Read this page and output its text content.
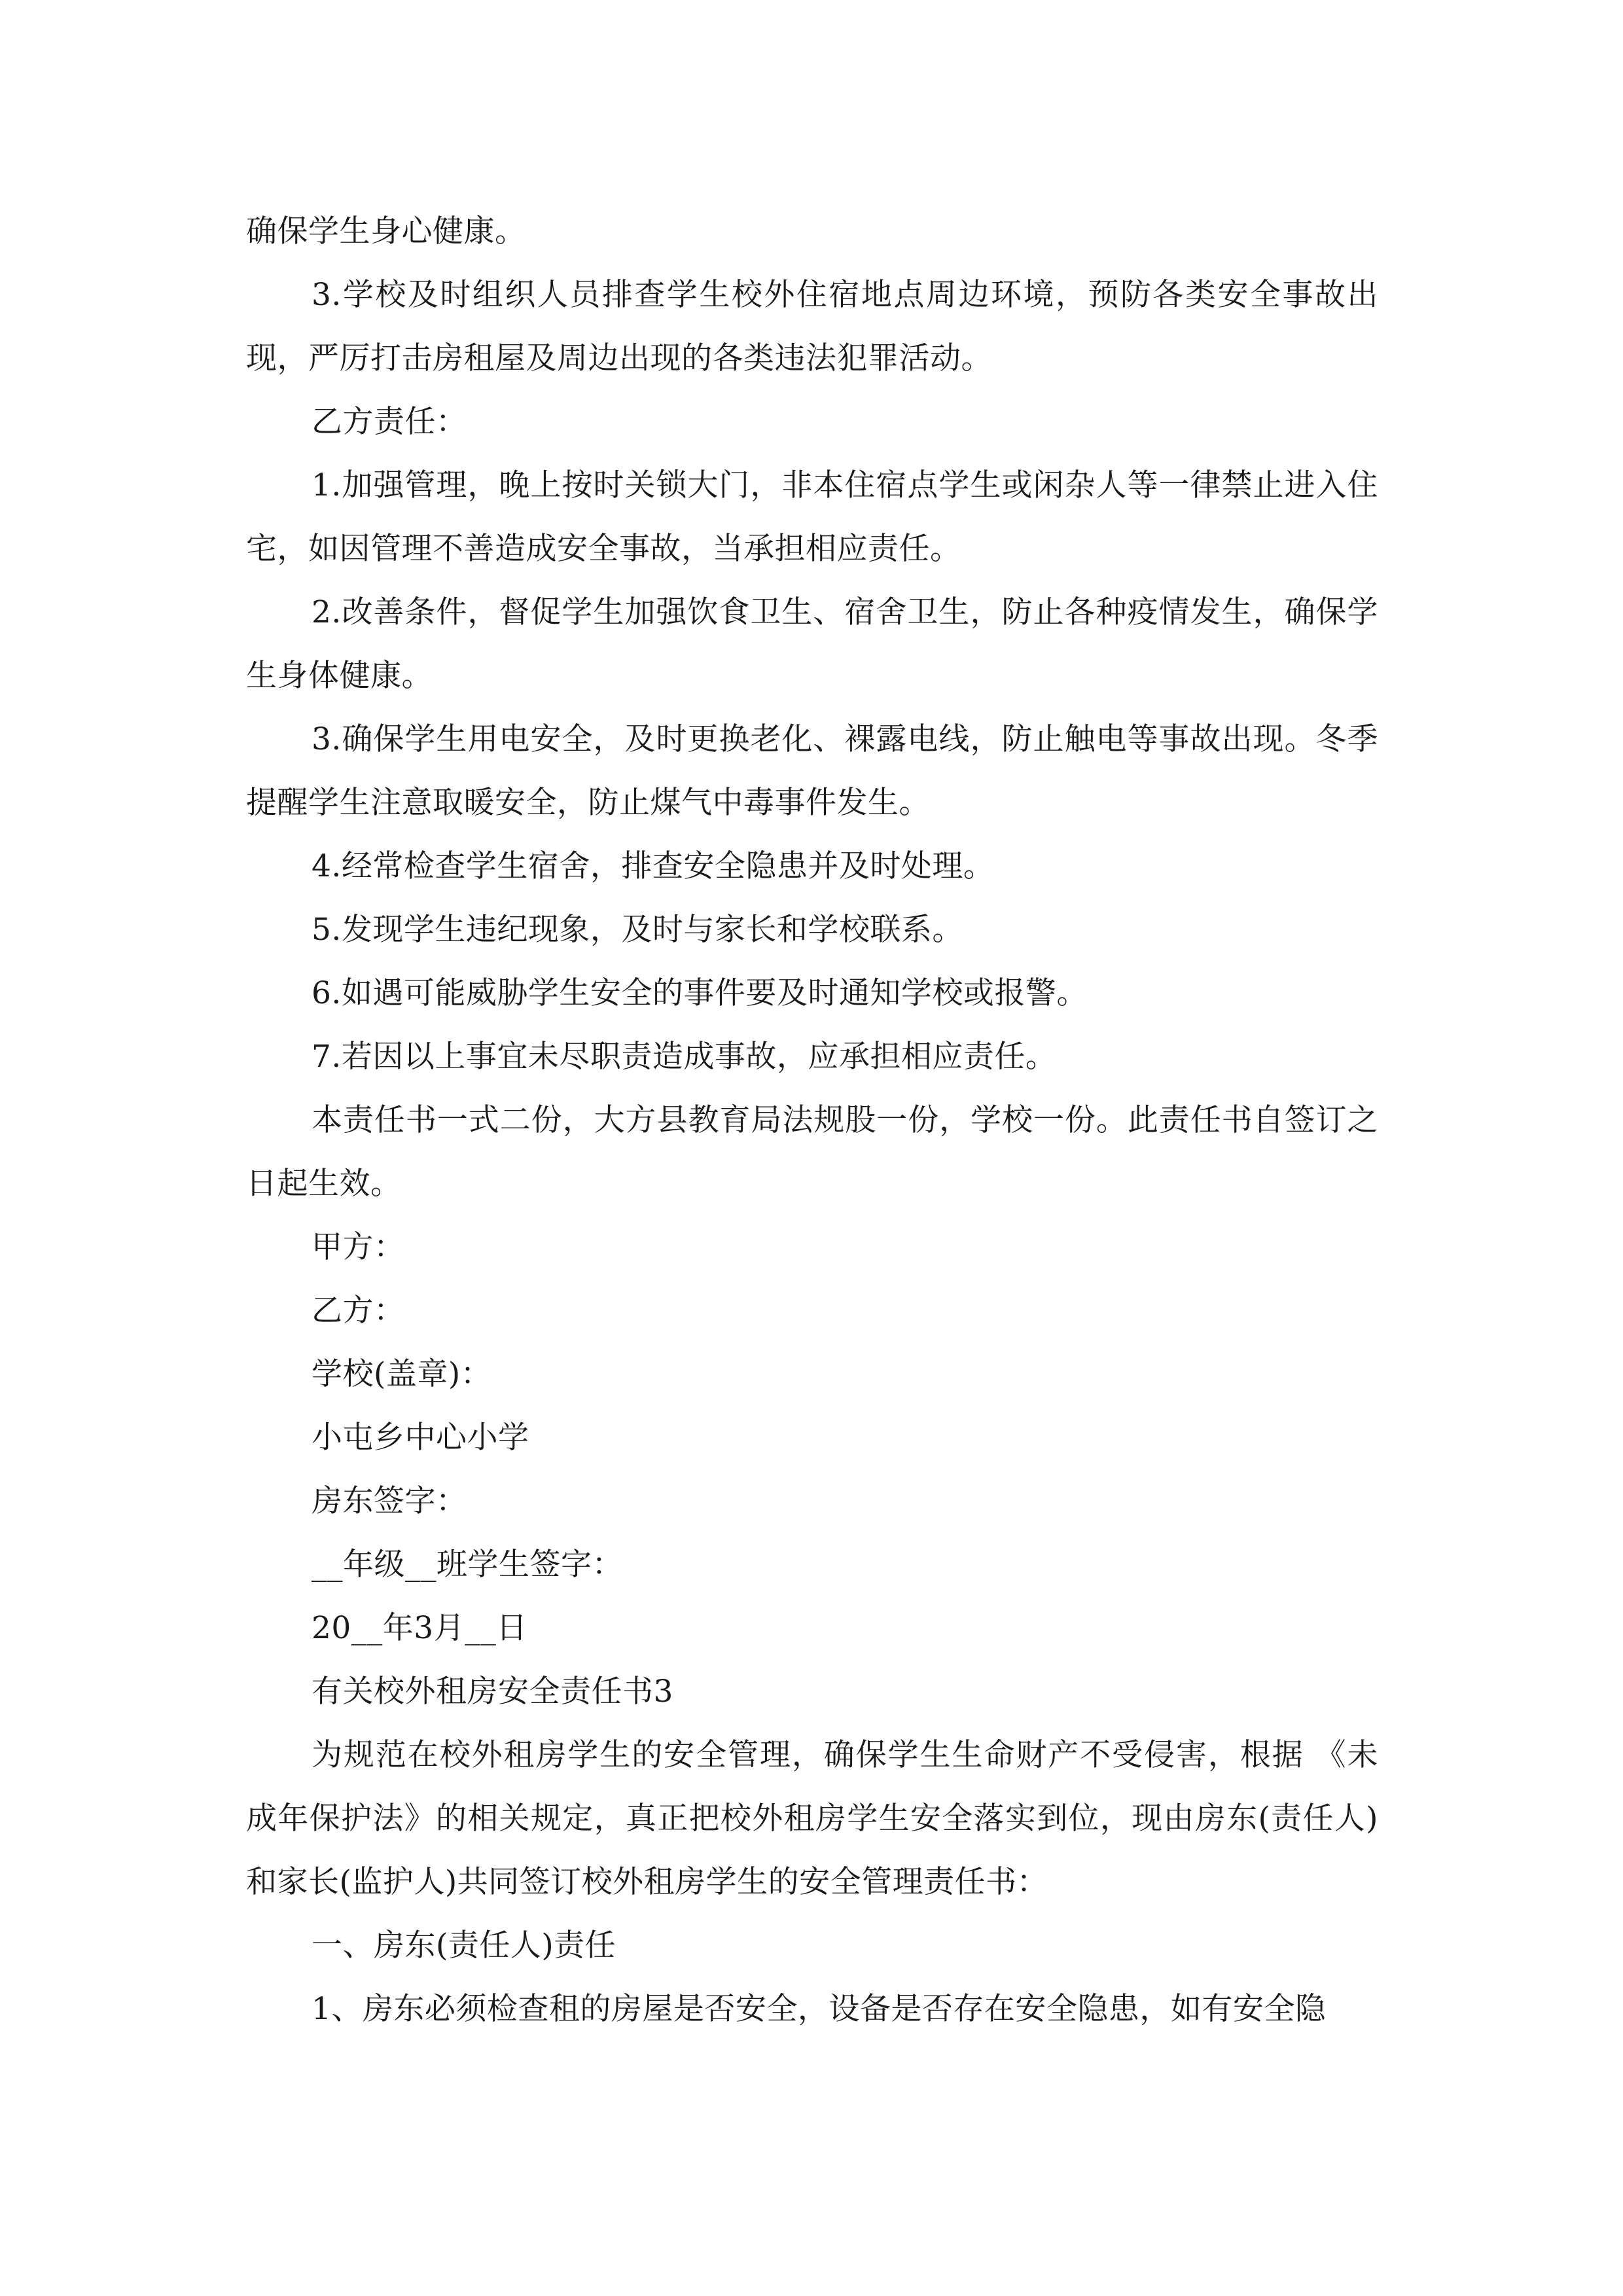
确保学生身心健康。

3.学校及时组织人员排查学生校外住宿地点周边环境，预防各类安全事故出现，严厉打击房租屋及周边出现的各类违法犯罪活动。

乙方责任：

1.加强管理，晚上按时关锁大门，非本住宿点学生或闲杂人等一律禁止进入住宅，如因管理不善造成安全事故，当承担相应责任。

2.改善条件，督促学生加强饮食卫生、宿舍卫生，防止各种疫情发生，确保学生身体健康。

3.确保学生用电安全，及时更换老化、裸露电线，防止触电等事故出现。冬季提醒学生注意取暖安全，防止煤气中毒事件发生。

4.经常检查学生宿舍，排查安全隐患并及时处理。

5.发现学生违纪现象，及时与家长和学校联系。

6.如遇可能威胁学生安全的事件要及时通知学校或报警。

7.若因以上事宜未尽职责造成事故，应承担相应责任。

本责任书一式二份，大方县教育局法规股一份，学校一份。此责任书自签订之日起生效。

甲方：

乙方：

学校(盖章)：

小屯乡中心小学

房东签字：

__年级__班学生签字：

20__年3月__日

有关校外租房安全责任书3

为规范在校外租房学生的安全管理，确保学生生命财产不受侵害，根据 《未成年保护法》的相关规定，真正把校外租房学生安全落实到位，现由房东(责任人)和家长(监护人)共同签订校外租房学生的安全管理责任书：

一、房东(责任人)责任

1、房东必须检查租的房屋是否安全，设备是否存在安全隐患，如有安全隐
